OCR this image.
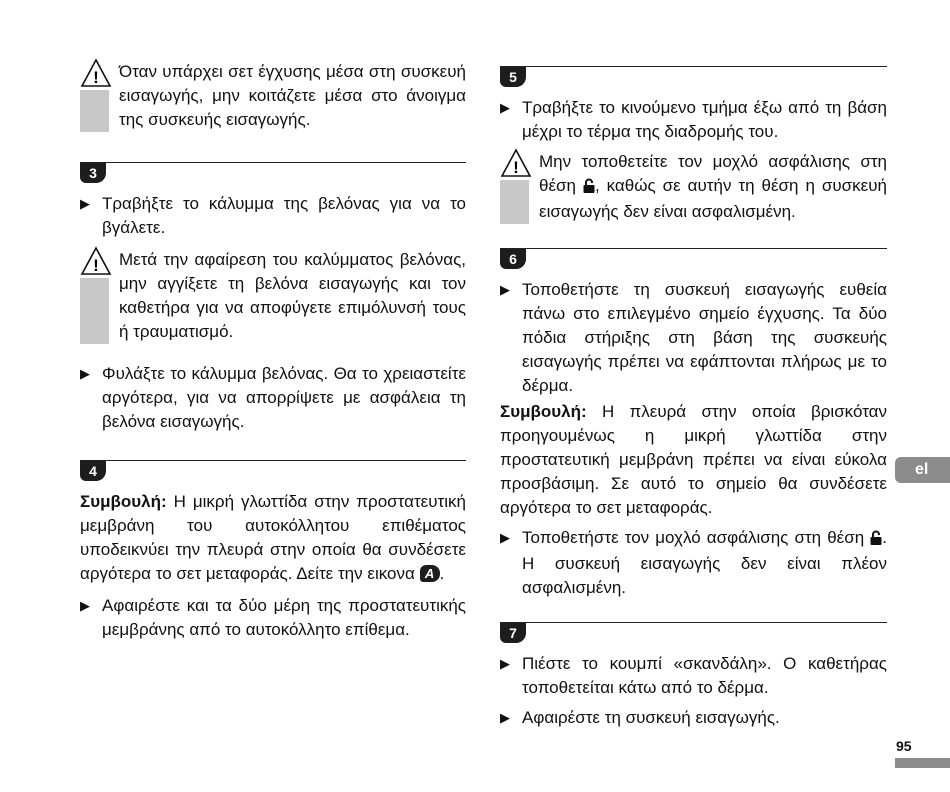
!	Όταν υπάρχει σετ έγχυσης μέσα στη συσκευή εισαγωγής, μην κοιτάζετε μέσα στο άνοιγμα της συσκευής εισαγωγής.

3
▶ Τραβήξτε το κάλυμμα της βελόνας για να το βγάλετε.

!	Μετά την αφαίρεση του καλύμματος βελόνας, μην αγγίξετε τη βελόνα εισαγωγής και τον καθετήρα για να αποφύγετε επιμόλυνσή τους ή τραυματισμό.

▶ Φυλάξτε το κάλυμμα βελόνας. Θα το χρειαστείτε αργότερα, για να απορρίψετε με ασφάλεια τη βελόνα εισαγωγής.

4

Συμβουλή: Η μικρή γλωττίδα στην προστατευτική μεμβράνη του αυτοκόλλητου επιθέματος υποδεικνύει την πλευρά στην οποία θα συνδέσετε αργότερα το σετ μεταφοράς. Δείτε την εικονα A .

▶ Αφαιρέστε και τα δύο μέρη της προστατευτικής μεμβράνης από το αυτοκόλλητο επίθεμα.

5
▶ Τραβήξτε το κινούμενο τμήμα έξω από τη βάση μέχρι το τέρμα της διαδρομής του.

!	Μην τοποθετείτε τον μοχλό ασφάλισης στη θέση , καθώς σε αυτήν τη θέση η συσκευή εισαγωγής δεν είναι ασφαλισμένη.

6
▶ Τοποθετήστε τη συσκευή εισαγωγής ευθεία πάνω στο επιλεγμένο σημείο έγχυσης. Τα δύο πόδια στήριξης στη βάση της συσκευής εισαγωγής πρέπει να εφάπτονται πλήρως με το δέρμα.

Συμβουλή: Η πλευρά στην οποία βρισκόταν προηγουμένως η μικρή γλωττίδα στην προστατευτική μεμβράνη πρέπει να είναι εύκολα προσβάσιμη. Σε αυτό το σημείο θα συνδέσετε αργότερα το σετ μεταφοράς.

▶ Τοποθετήστε τον μοχλό ασφάλισης στη θέση . Η συσκευή εισαγωγής δεν είναι πλέον ασφαλισμένη.

7
▶ Πιέστε το κουμπί «σκανδάλη». Ο καθετήρας τοποθετείται κάτω από το δέρμα.

▶ Αφαιρέστε τη συσκευή εισαγωγής.

el
95
